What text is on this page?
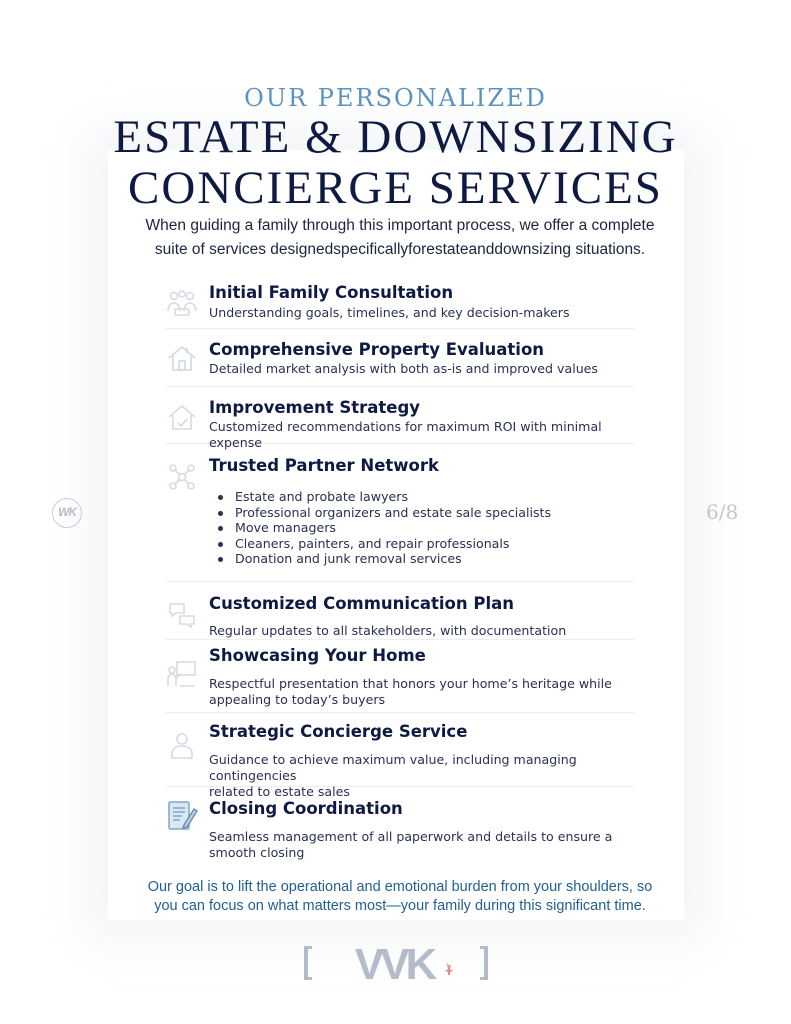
OUR PERSONALIZED
ESTATE & DOWNSIZING
CONCIERGE SERVICES
When guiding a family through this important process, we offer a complete
suite of services designedspecificallyforestateanddownsizing situations.
Initial Family Consultation
Understanding goals, timelines, and key decision-makers
Comprehensive Property Evaluation
Detailed market analysis with both as-is and improved values
Improvement Strategy
Customized recommendations for maximum ROI with minimal expense
Trusted Partner Network
Estate and probate lawyers
Professional organizers and estate sale specialists
Move managers
Cleaners, painters, and repair professionals
Donation and junk removal services
Customized Communication Plan
Regular updates to all stakeholders, with documentation
Showcasing Your Home
Respectful presentation that honors your home’s heritage while
appealing to today’s buyers
Strategic Concierge Service
Guidance to achieve maximum value, including managing contingencies
related to estate sales
Closing Coordination
Seamless management of all paperwork and details to ensure a
smooth closing
Our goal is to lift the operational and emotional burden from your shoulders, so
you can focus on what matters most—your family during this significant time.
WK	6/8
VVK
